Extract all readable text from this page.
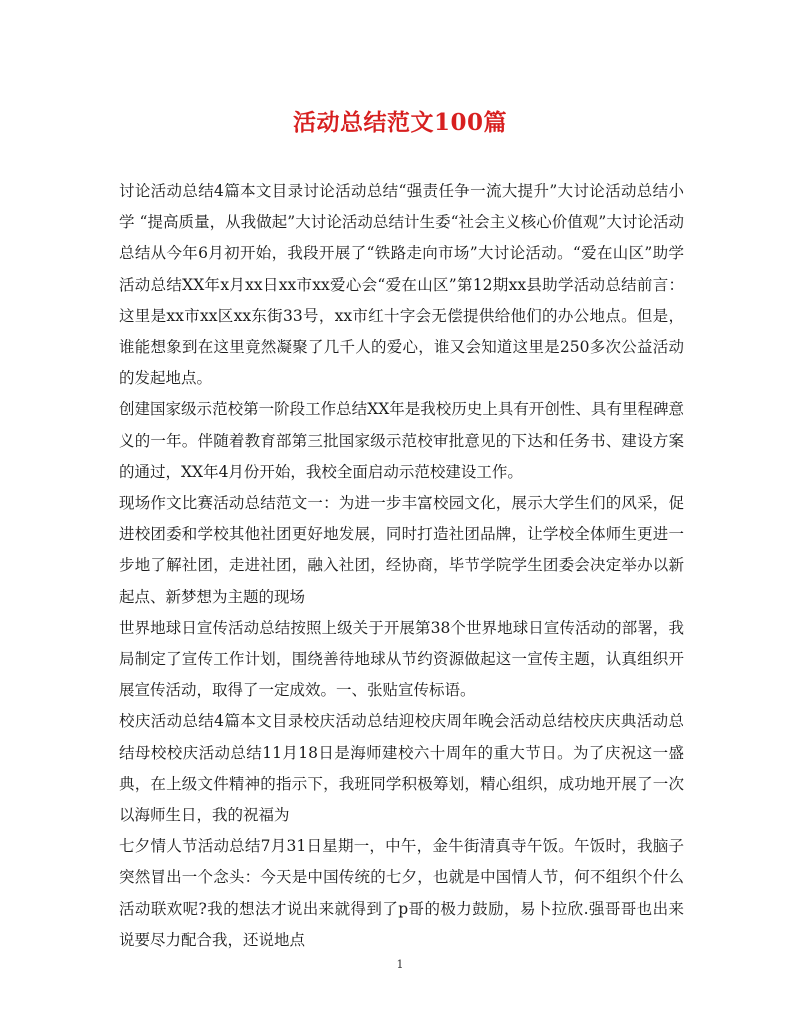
活动总结范文100篇

讨论活动总结4篇本文目录讨论活动总结“强责任争一流大提升”大讨论活动总结小学 “提高质量，从我做起”大讨论活动总结计生委“社会主义核心价值观”大讨论活动总结从今年6月初开始，我段开展了“铁路走向市场”大讨论活动。“爱在山区”助学活动总结XX年x月xx日xx市xx爱心会“爱在山区”第12期xx县助学活动总结前言：这里是xx市xx区xx东街33号，xx市红十字会无偿提供给他们的办公地点。但是，谁能想象到在这里竟然凝聚了几千人的爱心，谁又会知道这里是250多次公益活动的发起地点。

创建国家级示范校第一阶段工作总结XX年是我校历史上具有开创性、具有里程碑意义的一年。伴随着教育部第三批国家级示范校审批意见的下达和任务书、建设方案的通过，XX年4月份开始，我校全面启动示范校建设工作。

现场作文比赛活动总结范文一：为进一步丰富校园文化，展示大学生们的风采，促进校团委和学校其他社团更好地发展，同时打造社团品牌，让学校全体师生更进一步地了解社团，走进社团，融入社团，经协商，毕节学院学生团委会决定举办以新起点、新梦想为主题的现场

世界地球日宣传活动总结按照上级关于开展第38个世界地球日宣传活动的部署，我局制定了宣传工作计划，围绕善待地球从节约资源做起这一宣传主题，认真组织开展宣传活动，取得了一定成效。一、张贴宣传标语。

校庆活动总结4篇本文目录校庆活动总结迎校庆周年晚会活动总结校庆庆典活动总结母校校庆活动总结11月18日是海师建校六十周年的重大节日。为了庆祝这一盛典，在上级文件精神的指示下，我班同学积极筹划，精心组织，成功地开展了一次以海师生日，我的祝福为

七夕情人节活动总结7月31日星期一，中午，金牛街清真寺午饭。午饭时，我脑子突然冒出一个念头：今天是中国传统的七夕，也就是中国情人节，何不组织个什么活动联欢呢?我的想法才说出来就得到了p哥的极力鼓励，易卜拉欣.强哥哥也出来说要尽力配合我，还说地点

1
